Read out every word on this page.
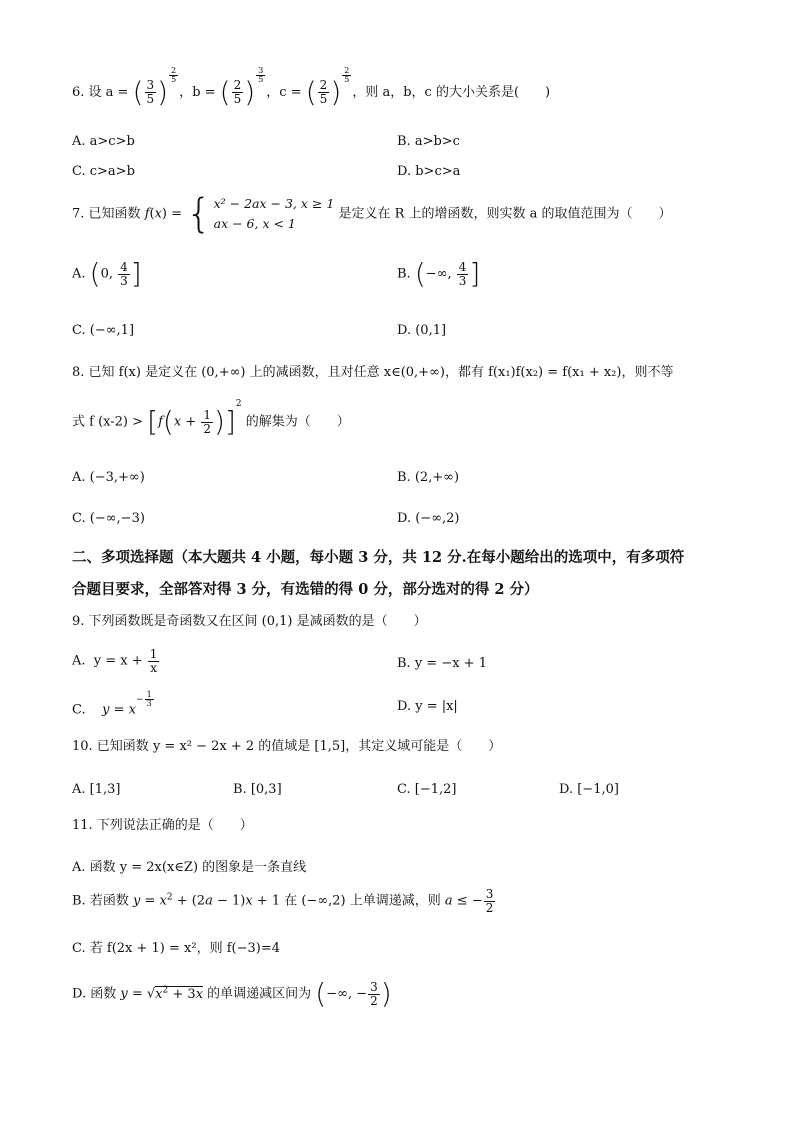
6. 设 a = ( $\frac{3}{5}$ ) $^{\frac{2}{5}}$
，b = ( $\frac{2}{5}$ ) $^{\frac{3}{5}}$
，c = ( $\frac{2}{5}$ ) $^{\frac{2}{5}}$
，则 a，b，c 的大小关系是(　　)
A. a>c>b	B. a>b>c
C. c>a>b	D. b>c>a
7. 已知函数 f(x) = { x² − 2ax − 3, x ≥ 1
ax − 6, x < 1 是定义在 R 上的增函数，则实数 a 的取值范围为（　　）
A. (0, $\frac{4}{3}$ ]	B. (−∞, $\frac{4}{3}$ ]
C. (−∞,1]	D. (0,1]
8. 已知 f(x) 是定义在 (0,+∞) 上的减函数，且对任意 x∈(0,+∞)，都有 f(x₁)f(x₂) = f(x₁ + x₂)，则不等
式 f $(x-2) > [f(x + \frac{1}{2} )]^2$ 的解集为（　　）
A. (−3,+∞)	B. (2,+∞)
C. (−∞,−3)	D. (−∞,2)
二、多项选择题（本大题共 4 小题，每小题 3 分，共 12 分.在每小题给出的选项中，有多项符
合题目要求，全部答对得 3 分，有选错的得 0 分，部分选对的得 2 分）
9. 下列函数既是奇函数又在区间 (0,1) 是减函数的是（　　）
A.  $y = x + \frac{1}{x}$	B. y = −x + 1
C.    $y = x^{- \frac{1}{3}}$	D. y = |x|
10. 已知函数 y = x² − 2x + 2 的值域是 [1,5]，其定义域可能是（　　）
A. [1,3]	B. [0,3]	C. [−1,2]	D. [−1,0]
11. 下列说法正确的是（　　）
A. 函数 y = 2x(x∈Z) 的图象是一条直线
B. 若函数 $y = x^2 + (2a - 1)x + 1$ 在 (−∞,2) 上单调递减，则 a ≤ − $\frac{3}{2}$
C. 若 f(2x + 1) = x²，则 f(−3)=4
D. 函数 $y = √x^2 + 3x$ 的单调递减区间为 (−∞, − $\frac{3}{2}$ )
